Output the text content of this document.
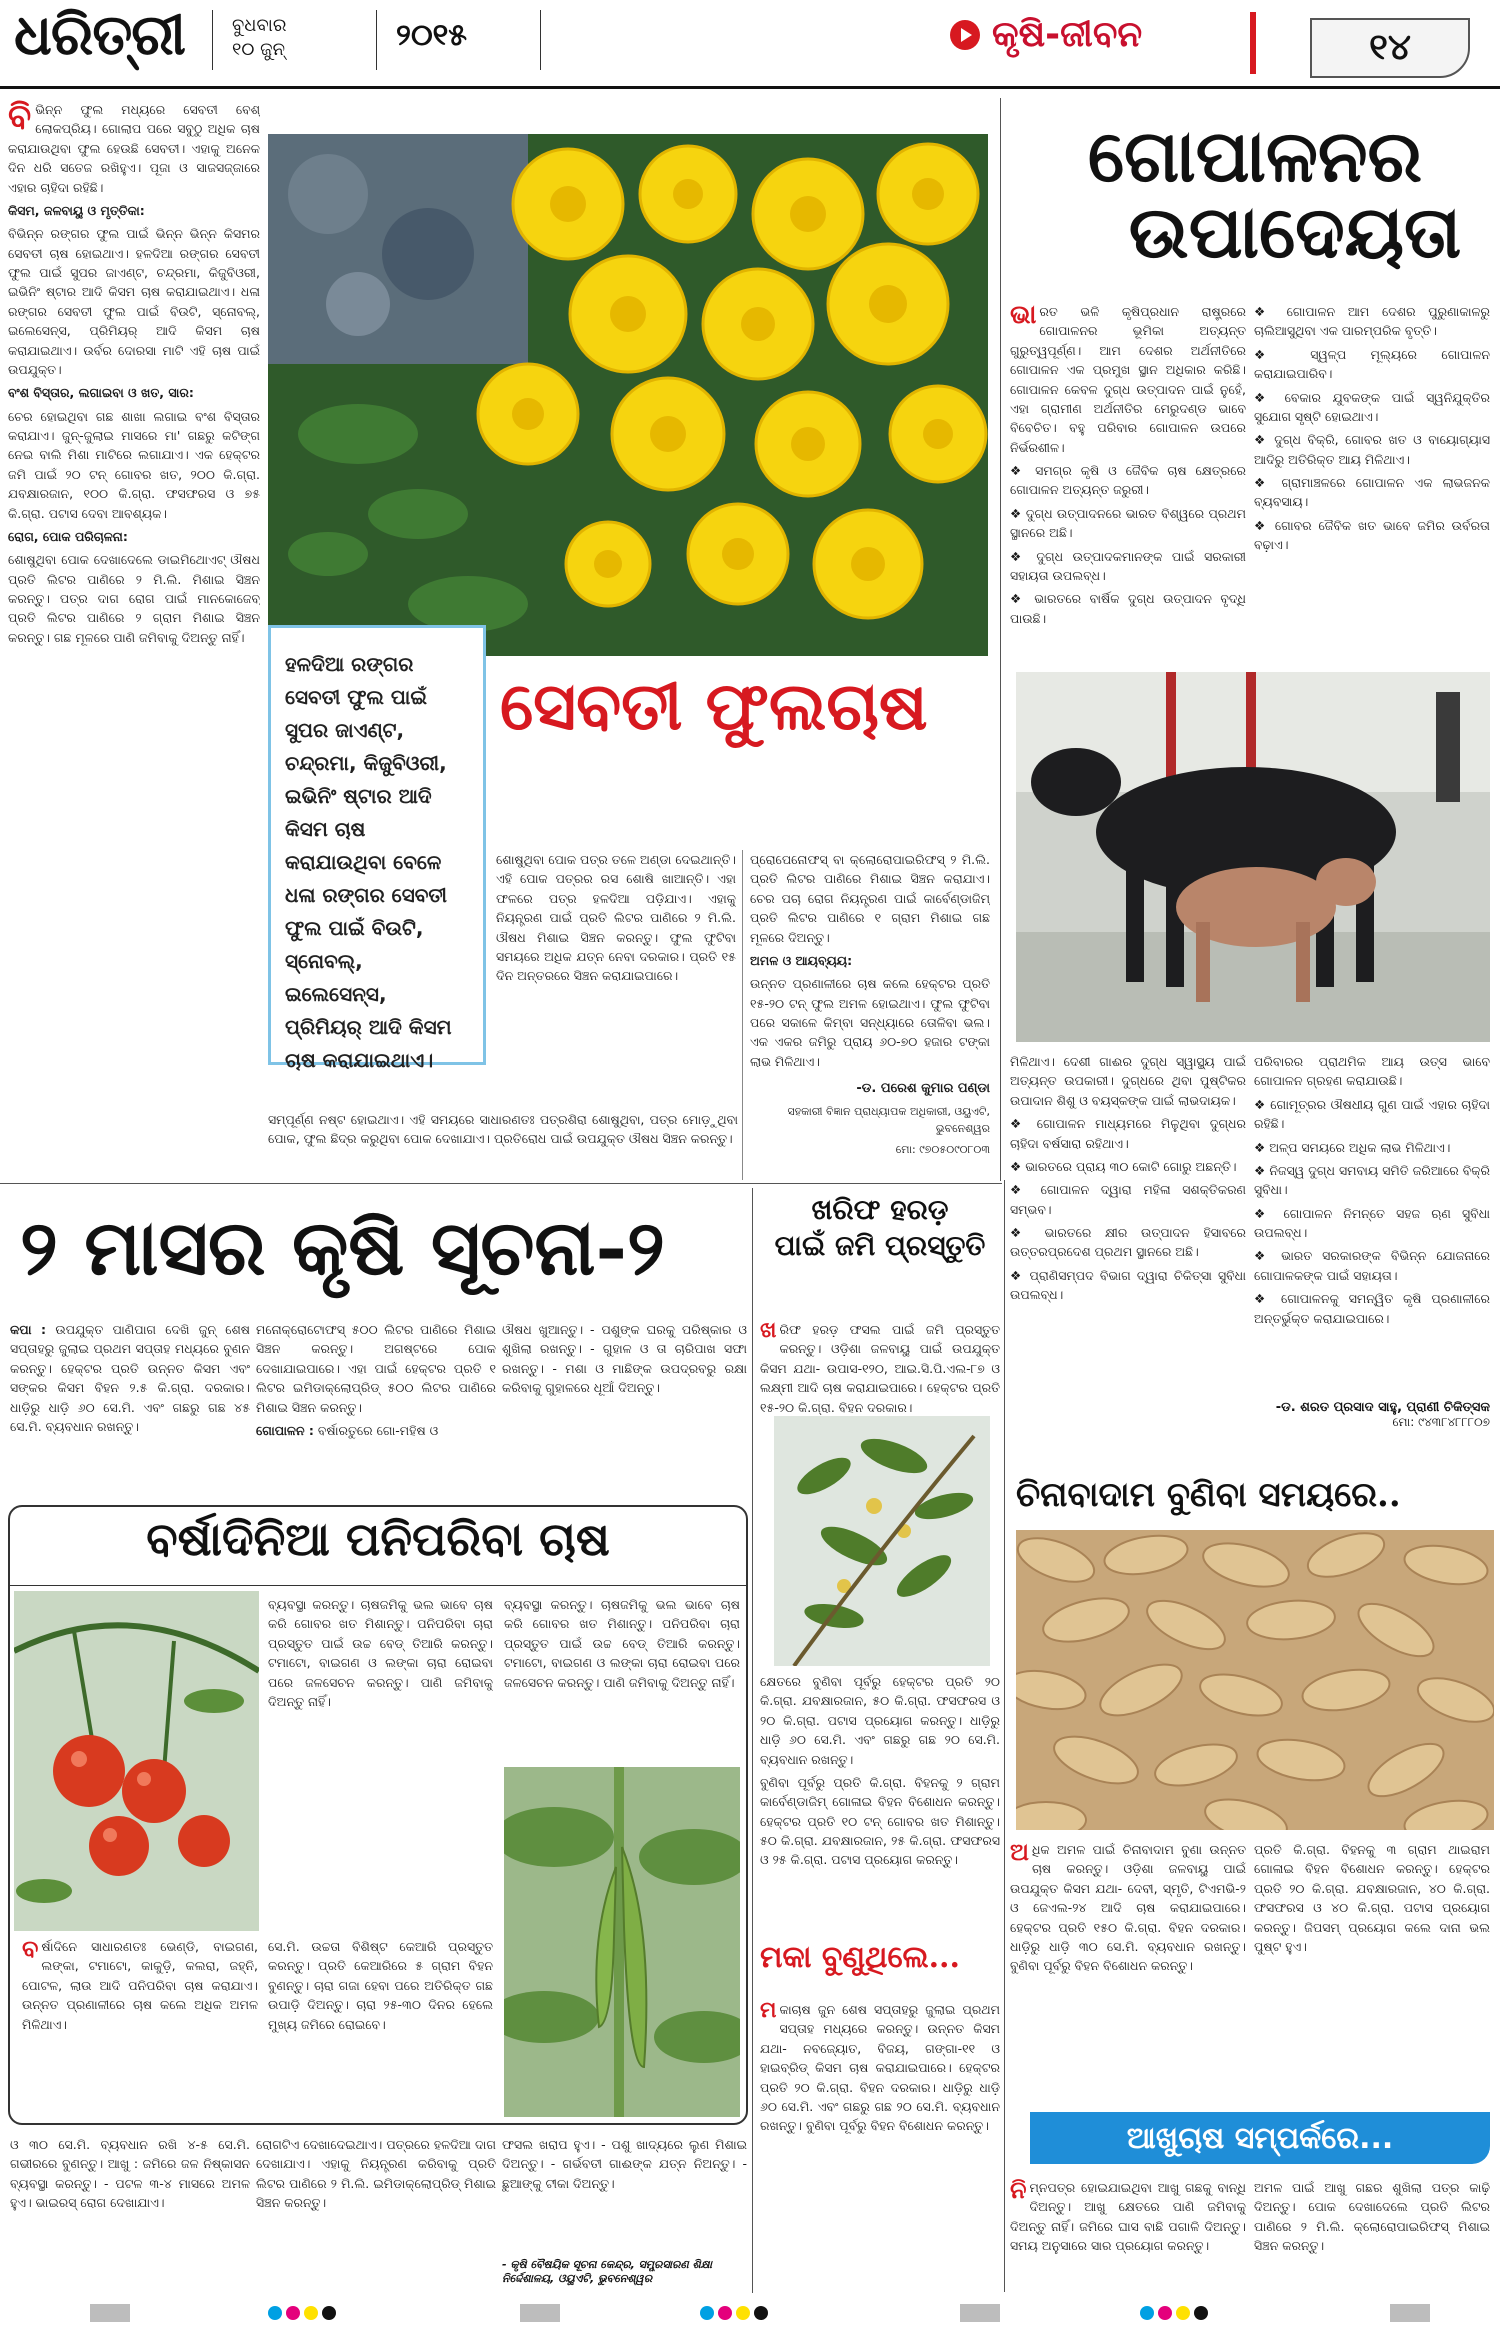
ଧରିତ୍ରୀ	ବୁଧବାର
୧୦ ଜୁନ୍	୨୦୧୫	କୃଷି-ଜୀବନ	୧୪

ବିଭିନ୍ନ ଫୁଲ ମଧ୍ୟରେ ସେବତୀ ବେଶ୍ ଲୋକପ୍ରିୟ। ଗୋଲାପ ପରେ ସବୁଠୁ ଅଧିକ ଚାଷ କରାଯାଉଥିବା ଫୁଲ ହେଉଛି ସେବତୀ। ଏହାକୁ ଅନେକ ଦିନ ଧରି ସତେଜ ରଖିହୁଏ। ପୂଜା ଓ ସାଜସଜ୍ଜାରେ ଏହାର ଚାହିଦା ରହିଛି।

କିସମ, ଜଳବାୟୁ ଓ ମୃତ୍ତିକା:

ବିଭିନ୍ନ ରଙ୍ଗର ଫୁଲ ପାଇଁ ଭିନ୍ନ ଭିନ୍ନ କିସମର ସେବତୀ ଚାଷ ହୋଇଥାଏ। ହଳଦିଆ ରଙ୍ଗର ସେବତୀ ଫୁଲ ପାଇଁ ସୁପର ଜାଏଣ୍ଟ, ଚନ୍ଦ୍ରମା, କିଜୁବିଓରୀ, ଇଭିନିଂ ଷ୍ଟାର ଆଦି କିସମ ଚାଷ କରାଯାଇଥାଏ। ଧଳା ରଙ୍ଗର ସେବତୀ ଫୁଲ ପାଇଁ ବିଉଟି, ସ୍ନୋବଲ୍, ଇଲେସେନ୍ସ, ପ୍ରିମିୟର୍ ଆଦି କିସମ ଚାଷ କରାଯାଇଥାଏ। ଉର୍ବର ଦୋରସା ମାଟି ଏହି ଚାଷ ପାଇଁ ଉପଯୁକ୍ତ।

ବଂଶ ବିସ୍ତାର, ଲଗାଇବା ଓ ଖତ, ସାର:

ଚେର ହୋଇଥିବା ଗଛ ଶାଖା ଲଗାଇ ବଂଶ ବିସ୍ତାର କରାଯାଏ। ଜୁନ୍-ଜୁଲାଇ ମାସରେ ମା' ଗଛରୁ କଟିଙ୍ଗ ନେଇ ବାଲି ମିଶା ମାଟିରେ ଲଗାଯାଏ। ଏକ ହେକ୍ଟର ଜମି ପାଇଁ ୨୦ ଟନ୍ ଗୋବର ଖତ, ୨୦୦ କି.ଗ୍ରା. ଯବକ୍ଷାରଜାନ, ୧୦୦ କି.ଗ୍ରା. ଫସଫରସ ଓ ୭୫ କି.ଗ୍ରା. ପଟାସ ଦେବା ଆବଶ୍ୟକ।

ରୋଗ, ପୋକ ପରିଚାଳନା:

ଶୋଷୁଥିବା ପୋକ ଦେଖାଦେଲେ ଡାଇମିଥୋଏଟ୍ ଔଷଧ ପ୍ରତି ଲିଟର ପାଣିରେ ୨ ମି.ଲି. ମିଶାଇ ସିଞ୍ଚନ କରନ୍ତୁ। ପତ୍ର ଦାଗ ରୋଗ ପାଇଁ ମାନକୋଜେବ୍ ପ୍ରତି ଲିଟର ପାଣିରେ ୨ ଗ୍ରାମ ମିଶାଇ ସିଞ୍ଚନ କରନ୍ତୁ। ଗଛ ମୂଳରେ ପାଣି ଜମିବାକୁ ଦିଅନ୍ତୁ ନାହିଁ।

ହଳଦିଆ ରଙ୍ଗର ସେବତୀ ଫୁଲ ପାଇଁ ସୁପର ଜାଏଣ୍ଟ, ଚନ୍ଦ୍ରମା, କିଜୁବିଓରୀ, ଇଭିନିଂ ଷ୍ଟାର ଆଦି କିସମ ଚାଷ କରାଯାଉଥିବା ବେଳେ ଧଳା ରଙ୍ଗର ସେବତୀ ଫୁଲ ପାଇଁ ବିଉଟି, ସ୍ନୋବଲ୍, ଇଲେସେନ୍ସ, ପ୍ରିମିୟର୍ ଆଦି କିସମ ଚାଷ କରାଯାଇଥାଏ।
ସେବତୀ ଫୁଲଚାଷ

ଶୋଷୁଥିବା ପୋକ ପତ୍ର ତଳେ ଅଣ୍ଡା ଦେଇଥାନ୍ତି। ଏହି ପୋକ ପତ୍ରର ରସ ଶୋଷି ଖାଆନ୍ତି। ଏହା ଫଳରେ ପତ୍ର ହଳଦିଆ ପଡ଼ିଯାଏ। ଏହାକୁ ନିୟନ୍ତ୍ରଣ ପାଇଁ ପ୍ରତି ଲିଟର ପାଣିରେ ୨ ମି.ଲି. ଔଷଧ ମିଶାଇ ସିଞ୍ଚନ କରନ୍ତୁ। ଫୁଲ ଫୁଟିବା ସମୟରେ ଅଧିକ ଯତ୍ନ ନେବା ଦରକାର। ପ୍ରତି ୧୫ ଦିନ ଅନ୍ତରରେ ସିଞ୍ଚନ କରାଯାଇପାରେ।

ପ୍ରୋପେନୋଫସ୍ ବା କ୍ଲୋରୋପାଇରିଫସ୍ ୨ ମି.ଲି. ପ୍ରତି ଲିଟର ପାଣିରେ ମିଶାଇ ସିଞ୍ଚନ କରାଯାଏ। ଚେର ପଚା ରୋଗ ନିୟନ୍ତ୍ରଣ ପାଇଁ କାର୍ବେଣ୍ଡାଜିମ୍ ପ୍ରତି ଲିଟର ପାଣିରେ ୧ ଗ୍ରାମ ମିଶାଇ ଗଛ ମୂଳରେ ଦିଅନ୍ତୁ।

ଅମଳ ଓ ଆୟବ୍ୟୟ:

ଉନ୍ନତ ପ୍ରଣାଳୀରେ ଚାଷ କଲେ ହେକ୍ଟର ପ୍ରତି ୧୫-୨୦ ଟନ୍ ଫୁଲ ଅମଳ ହୋଇଥାଏ। ଫୁଲ ଫୁଟିବା ପରେ ସକାଳେ କିମ୍ବା ସନ୍ଧ୍ୟାରେ ତୋଳିବା ଭଲ। ଏକ ଏକର ଜମିରୁ ପ୍ରାୟ ୬୦-୭୦ ହଜାର ଟଙ୍କା ଲାଭ ମିଳିଥାଏ।

-ଡ. ପରେଶ କୁମାର ପଣ୍ଡା

ସହକାରୀ ବିଜ୍ଞାନ ପ୍ରାଧ୍ୟାପକ ଅଧିକାରୀ, ଓୟୁଏଟି, ଭୁବନେଶ୍ୱର

ମୋ: ୯୭୦୫୦୯୦୮୦୩

ସମ୍ପୂର୍ଣ୍ଣ ନଷ୍ଟ ହୋଇଥାଏ। ଏହି ସମୟରେ ସାଧାରଣତଃ ପତ୍ରଶିରା ଶୋଷୁଥିବା, ପତ୍ର ମୋଡ଼ୁଥିବା ପୋକ, ଫୁଲ ଛିଦ୍ର କରୁଥିବା ପୋକ ଦେଖାଯାଏ। ପ୍ରତିରୋଧ ପାଇଁ ଉପଯୁକ୍ତ ଔଷଧ ସିଞ୍ଚନ କରନ୍ତୁ।
ଗୋପାଳନର
ଉପାଦେୟତା

ଭାରତ ଭଳି କୃଷିପ୍ରଧାନ ରାଷ୍ଟ୍ରରେ ଗୋପାଳନର ଭୂମିକା ଅତ୍ୟନ୍ତ ଗୁରୁତ୍ୱପୂର୍ଣ୍ଣ। ଆମ ଦେଶର ଅର୍ଥନୀତିରେ ଗୋପାଳନ ଏକ ପ୍ରମୁଖ ସ୍ଥାନ ଅଧିକାର କରିଛି। ଗୋପାଳନ କେବଳ ଦୁଗ୍ଧ ଉତ୍ପାଦନ ପାଇଁ ନୁହେଁ, ଏହା ଗ୍ରାମୀଣ ଅର୍ଥନୀତିର ମେରୁଦଣ୍ଡ ଭାବେ ବିବେଚିତ। ବହୁ ପରିବାର ଗୋପାଳନ ଉପରେ ନିର୍ଭରଶୀଳ।

❖ ସମଗ୍ର କୃଷି ଓ ଜୈବିକ ଚାଷ କ୍ଷେତ୍ରରେ ଗୋପାଳନ ଅତ୍ୟନ୍ତ ଜରୁରୀ।

❖ ଦୁଗ୍ଧ ଉତ୍ପାଦନରେ ଭାରତ ବିଶ୍ୱରେ ପ୍ରଥମ ସ୍ଥାନରେ ଅଛି।

❖ ଦୁଗ୍ଧ ଉତ୍ପାଦକମାନଙ୍କ ପାଇଁ ସରକାରୀ ସହାୟତା ଉପଲବ୍ଧ।

❖ ଭାରତରେ ବାର୍ଷିକ ଦୁଗ୍ଧ ଉତ୍ପାଦନ ବୃଦ୍ଧି ପାଉଛି।

❖ ଗୋପାଳନ ଆମ ଦେଶର ପୁରୁଣାକାଳରୁ ଚାଲିଆସୁଥିବା ଏକ ପାରମ୍ପରିକ ବୃତ୍ତି।

❖ ସ୍ୱଳ୍ପ ମୂଲ୍ୟରେ ଗୋପାଳନ କରାଯାଇପାରିବ।

❖ ବେକାର ଯୁବକଙ୍କ ପାଇଁ ସ୍ୱନିଯୁକ୍ତିର ସୁଯୋଗ ସୃଷ୍ଟି ହୋଇଥାଏ।

❖ ଦୁଗ୍ଧ ବିକ୍ରି, ଗୋବର ଖତ ଓ ବାୟୋଗ୍ୟାସ ଆଦିରୁ ଅତିରିକ୍ତ ଆୟ ମିଳିଥାଏ।

❖ ଗ୍ରାମାଞ୍ଚଳରେ ଗୋପାଳନ ଏକ ଲାଭଜନକ ବ୍ୟବସାୟ।

❖ ଗୋବର ଜୈବିକ ଖତ ଭାବେ ଜମିର ଉର୍ବରତା ବଢ଼ାଏ।

ମିଳିଥାଏ। ଦେଶୀ ଗାଈର ଦୁଗ୍ଧ ସ୍ୱାସ୍ଥ୍ୟ ପାଇଁ ଅତ୍ୟନ୍ତ ଉପକାରୀ। ଦୁଗ୍ଧରେ ଥିବା ପୁଷ୍ଟିକର ଉପାଦାନ ଶିଶୁ ଓ ବୟସ୍କଙ୍କ ପାଇଁ ଲାଭଦାୟକ।

❖ ଗୋପାଳନ ମାଧ୍ୟମରେ ମିଳୁଥିବା ଦୁଗ୍ଧର ଚାହିଦା ବର୍ଷସାରା ରହିଥାଏ।

❖ ଭାରତରେ ପ୍ରାୟ ୩୦ କୋଟି ଗୋରୁ ଅଛନ୍ତି।

❖ ଗୋପାଳନ ଦ୍ୱାରା ମହିଳା ସଶକ୍ତିକରଣ ସମ୍ଭବ।

❖ ଭାରତରେ କ୍ଷୀର ଉତ୍ପାଦନ ହିସାବରେ ଉତ୍ତରପ୍ରଦେଶ ପ୍ରଥମ ସ୍ଥାନରେ ଅଛି।

❖ ପ୍ରାଣିସମ୍ପଦ ବିଭାଗ ଦ୍ୱାରା ଚିକିତ୍ସା ସୁବିଧା ଉପଲବ୍ଧ।

ପରିବାରର ପ୍ରାଥମିକ ଆୟ ଉତ୍ସ ଭାବେ ଗୋପାଳନ ଗ୍ରହଣ କରାଯାଉଛି।

❖ ଗୋମୂତ୍ରର ଔଷଧୀୟ ଗୁଣ ପାଇଁ ଏହାର ଚାହିଦା ରହିଛି।

❖ ଅଳ୍ପ ସମୟରେ ଅଧିକ ଲାଭ ମିଳିଥାଏ।

❖ ନିଜସ୍ୱ ଦୁଗ୍ଧ ସମବାୟ ସମିତି ଜରିଆରେ ବିକ୍ରି ସୁବିଧା।

❖ ଗୋପାଳନ ନିମନ୍ତେ ସହଜ ଋଣ ସୁବିଧା ଉପଲବ୍ଧ।

❖ ଭାରତ ସରକାରଙ୍କ ବିଭିନ୍ନ ଯୋଜନାରେ ଗୋପାଳକଙ୍କ ପାଇଁ ସହାୟତା।

❖ ଗୋପାଳନକୁ ସମନ୍ୱିତ କୃଷି ପ୍ରଣାଳୀରେ ଅନ୍ତର୍ଭୁକ୍ତ କରାଯାଇପାରେ।

-ଡ. ଶରତ ପ୍ରସାଦ ସାହୁ, ପ୍ରାଣୀ ଚିକିତ୍ସକ
ମୋ: ୯୪୩୮୪୮୮୮୦୭
୨ ମାସର କୃଷି ସୂଚନା-୨	ଖରିଫ ହରଡ଼
ପାଇଁ ଜମି ପ୍ରସ୍ତୁତି

କପା : ଉପଯୁକ୍ତ ପାଣିପାଗ ଦେଖି ଜୁନ୍ ଶେଷ ସପ୍ତାହରୁ ଜୁଲାଇ ପ୍ରଥମ ସପ୍ତାହ ମଧ୍ୟରେ ବୁଣନ କରନ୍ତୁ। ହେକ୍ଟର ପ୍ରତି ଉନ୍ନତ କିସମ ଏବଂ ସଙ୍କର କିସମ ବିହନ ୨.୫ କି.ଗ୍ରା. ଦରକାର। ଧାଡ଼ିରୁ ଧାଡ଼ି ୬୦ ସେ.ମି. ଏବଂ ଗଛରୁ ଗଛ ୪୫ ସେ.ମି. ବ୍ୟବଧାନ ରଖନ୍ତୁ।

ମନୋକ୍ରୋଟୋଫସ୍ ୫୦୦ ଲିଟର ପାଣିରେ ମିଶାଇ ସିଞ୍ଚନ କରନ୍ତୁ। ଅଗଷ୍ଟରେ ପୋକ ଦେଖାଯାଇପାରେ। ଏହା ପାଇଁ ହେକ୍ଟର ପ୍ରତି ୧ ଲିଟର ଇମିଡାକ୍ଲୋପ୍ରିଡ୍ ୫୦୦ ଲିଟର ପାଣିରେ ମିଶାଇ ସିଞ୍ଚନ କରନ୍ତୁ।

ଗୋପାଳନ : ବର୍ଷାରତୁରେ ଗୋ-ମହିଷ ଓ

ଔଷଧ ଖୁଆନ୍ତୁ। - ପଶୁଙ୍କ ଘରକୁ ପରିଷ୍କାର ଓ ଶୁଖିଲା ରଖନ୍ତୁ। - ଗୁହାଳ ଓ ତା ଚାରିପାଖ ସଫା ରଖନ୍ତୁ। - ମଶା ଓ ମାଛିଙ୍କ ଉପଦ୍ରବରୁ ରକ୍ଷା କରିବାକୁ ଗୁହାଳରେ ଧୂଆଁ ଦିଅନ୍ତୁ।

ଖରିଫ ହରଡ଼ ଫସଲ ପାଇଁ ଜମି ପ୍ରସ୍ତୁତ କରନ୍ତୁ। ଓଡ଼ିଶା ଜଳବାୟୁ ପାଇଁ ଉପଯୁକ୍ତ କିସମ ଯଥା- ଉପାସ-୧୨୦, ଆଇ.ସି.ପି.ଏଲ-୮୭ ଓ ଲକ୍ଷ୍ମୀ ଆଦି ଚାଷ କରାଯାଇପାରେ। ହେକ୍ଟର ପ୍ରତି ୧୫-୨୦ କି.ଗ୍ରା. ବିହନ ଦରକାର।

କ୍ଷେତରେ ବୁଣିବା ପୂର୍ବରୁ ହେକ୍ଟର ପ୍ରତି ୨୦ କି.ଗ୍ରା. ଯବକ୍ଷାରଜାନ, ୫୦ କି.ଗ୍ରା. ଫସଫରସ ଓ ୨୦ କି.ଗ୍ରା. ପଟାସ ପ୍ରୟୋଗ କରନ୍ତୁ। ଧାଡ଼ିରୁ ଧାଡ଼ି ୬୦ ସେ.ମି. ଏବଂ ଗଛରୁ ଗଛ ୨୦ ସେ.ମି. ବ୍ୟବଧାନ ରଖନ୍ତୁ।

ବୁଣିବା ପୂର୍ବରୁ ପ୍ରତି କି.ଗ୍ରା. ବିହନକୁ ୨ ଗ୍ରାମ କାର୍ବେଣ୍ଡାଜିମ୍ ଗୋଳାଇ ବିହନ ବିଶୋଧନ କରନ୍ତୁ। ହେକ୍ଟର ପ୍ରତି ୧୦ ଟନ୍ ଗୋବର ଖତ ମିଶାନ୍ତୁ। ୫୦ କି.ଗ୍ରା. ଯବକ୍ଷାରଜାନ, ୨୫ କି.ଗ୍ରା. ଫସଫରସ ଓ ୨୫ କି.ଗ୍ରା. ପଟାସ ପ୍ରୟୋଗ କରନ୍ତୁ।

ବର୍ଷାଦିନିଆ ପନିପରିବା ଚାଷ

ବ୍ୟବସ୍ଥା କରନ୍ତୁ। ଚାଷଜମିକୁ ଭଲ ଭାବେ ଚାଷ କରି ଗୋବର ଖତ ମିଶାନ୍ତୁ। ପନିପରିବା ଚାରା ପ୍ରସ୍ତୁତ ପାଇଁ ଉଚ୍ଚ ବେଡ୍ ତିଆରି କରନ୍ତୁ। ଟମାଟୋ, ବାଇଗଣ ଓ ଲଙ୍କା ଚାରା ରୋଇବା ପରେ ଜଳସେଚନ କରନ୍ତୁ। ପାଣି ଜମିବାକୁ ଦିଅନ୍ତୁ ନାହିଁ।

ବ୍ୟବସ୍ଥା କରନ୍ତୁ। ଚାଷଜମିକୁ ଭଲ ଭାବେ ଚାଷ କରି ଗୋବର ଖତ ମିଶାନ୍ତୁ। ପନିପରିବା ଚାରା ପ୍ରସ୍ତୁତ ପାଇଁ ଉଚ୍ଚ ବେଡ୍ ତିଆରି କରନ୍ତୁ। ଟମାଟୋ, ବାଇଗଣ ଓ ଲଙ୍କା ଚାରା ରୋଇବା ପରେ ଜଳସେଚନ କରନ୍ତୁ। ପାଣି ଜମିବାକୁ ଦିଅନ୍ତୁ ନାହିଁ।

ବର୍ଷାଦିନେ ସାଧାରଣତଃ ଭେଣ୍ଡି, ବାଇଗଣ, ଲଙ୍କା, ଟମାଟୋ, କାକୁଡ଼ି, କଲରା, ଜହ୍ନି, ପୋଟଳ, ଲାଉ ଆଦି ପନିପରିବା ଚାଷ କରାଯାଏ। ଉନ୍ନତ ପ୍ରଣାଳୀରେ ଚାଷ କଲେ ଅଧିକ ଅମଳ ମିଳିଥାଏ।

ସେ.ମି. ଉଚ୍ଚତା ବିଶିଷ୍ଟ କେଆରି ପ୍ରସ୍ତୁତ କରନ୍ତୁ। ପ୍ରତି କେଆରିରେ ୫ ଗ୍ରାମ ବିହନ ବୁଣନ୍ତୁ। ଚାରା ଗଜା ହେବା ପରେ ଅତିରିକ୍ତ ଗଛ ଉପାଡ଼ି ଦିଅନ୍ତୁ। ଚାରା ୨୫-୩୦ ଦିନର ହେଲେ ମୁଖ୍ୟ ଜମିରେ ରୋଇବେ।

ଓ ୩୦ ସେ.ମି. ବ୍ୟବଧାନ ରଖି ୪-୫ ସେ.ମି. ଗଭୀରରେ ବୁଣନ୍ତୁ। ଆଖୁ : ଜମିରେ ଜଳ ନିଷ୍କାସନ ବ୍ୟବସ୍ଥା କରନ୍ତୁ। - ପଟଳ ୩-୪ ମାସରେ ଅମଳ ହୁଏ। ଭାଇରସ୍ ରୋଗ ଦେଖାଯାଏ।
ରୋଗଟିଏ ଦେଖାଦେଇଥାଏ। ପତ୍ରରେ ହଳଦିଆ ଦାଗ ଦେଖାଯାଏ। ଏହାକୁ ନିୟନ୍ତ୍ରଣ କରିବାକୁ ପ୍ରତି ଲିଟର ପାଣିରେ ୨ ମି.ଲି. ଇମିଡାକ୍ଲୋପ୍ରିଡ୍ ମିଶାଇ ସିଞ୍ଚନ କରନ୍ତୁ।
ଫସଲ ଖରାପ ହୁଏ। - ପଶୁ ଖାଦ୍ୟରେ ଲୁଣ ମିଶାଇ ଦିଅନ୍ତୁ। - ଗର୍ଭବତୀ ଗାଈଙ୍କ ଯତ୍ନ ନିଅନ୍ତୁ। - ଛୁଆଙ୍କୁ ଟୀକା ଦିଅନ୍ତୁ।
- କୃଷି ବୈଷୟିକ ସୂଚନା କେନ୍ଦ୍ର, ସମ୍ପ୍ରସାରଣ ଶିକ୍ଷା ନିର୍ଦ୍ଦେଶାଳୟ, ଓୟୁଏଟି, ଭୁବନେଶ୍ୱର
ମକା ବୁଣୁଥିଲେ...

ମକାଚାଷ ଜୁନ ଶେଷ ସପ୍ତାହରୁ ଜୁଲାଇ ପ୍ରଥମ ସପ୍ତାହ ମଧ୍ୟରେ କରନ୍ତୁ। ଉନ୍ନତ କିସମ ଯଥା- ନବଜ୍ୟୋତ, ବିଜୟ, ଗଙ୍ଗା-୧୧ ଓ ହାଇବ୍ରିଡ୍ କିସମ ଚାଷ କରାଯାଇପାରେ। ହେକ୍ଟର ପ୍ରତି ୨୦ କି.ଗ୍ରା. ବିହନ ଦରକାର। ଧାଡ଼ିରୁ ଧାଡ଼ି ୬୦ ସେ.ମି. ଏବଂ ଗଛରୁ ଗଛ ୨୦ ସେ.ମି. ବ୍ୟବଧାନ ରଖନ୍ତୁ। ବୁଣିବା ପୂର୍ବରୁ ବିହନ ବିଶୋଧନ କରନ୍ତୁ।

ଚିନାବାଦାମ ବୁଣିବା ସମୟରେ..

ଅଧିକ ଅମଳ ପାଇଁ ଚିନାବାଦାମ ବୁଣା ଉନ୍ନତ ଚାଷ କରନ୍ତୁ। ଓଡ଼ିଶା ଜଳବାୟୁ ପାଇଁ ଉପଯୁକ୍ତ କିସମ ଯଥା- ଦେବୀ, ସ୍ମୃତି, ଟିଏମଭି-୨ ଓ ଜେଏଲ-୨୪ ଆଦି ଚାଷ କରାଯାଇପାରେ। ହେକ୍ଟର ପ୍ରତି ୧୫୦ କି.ଗ୍ରା. ବିହନ ଦରକାର। ଧାଡ଼ିରୁ ଧାଡ଼ି ୩୦ ସେ.ମି. ବ୍ୟବଧାନ ରଖନ୍ତୁ। ବୁଣିବା ପୂର୍ବରୁ ବିହନ ବିଶୋଧନ କରନ୍ତୁ।

ପ୍ରତି କି.ଗ୍ରା. ବିହନକୁ ୩ ଗ୍ରାମ ଥାଇରାମ ଗୋଳାଇ ବିହନ ବିଶୋଧନ କରନ୍ତୁ। ହେକ୍ଟର ପ୍ରତି ୨୦ କି.ଗ୍ରା. ଯବକ୍ଷାରଜାନ, ୪୦ କି.ଗ୍ରା. ଫସଫରସ ଓ ୪୦ କି.ଗ୍ରା. ପଟାସ ପ୍ରୟୋଗ କରନ୍ତୁ। ଜିପସମ୍ ପ୍ରୟୋଗ କଲେ ଦାନା ଭଲ ପୁଷ୍ଟ ହୁଏ।

ଆଖୁଚାଷ ସମ୍ପର୍କରେ...

ନିମ୍ନପତ୍ର ହୋଇଯାଇଥିବା ଆଖୁ ଗଛକୁ ବାନ୍ଧି ଦିଅନ୍ତୁ। ଆଖୁ କ୍ଷେତରେ ପାଣି ଜମିବାକୁ ଦିଅନ୍ତୁ ନାହିଁ। ଜମିରେ ଘାସ ବାଛି ପଗାଳି ଦିଅନ୍ତୁ। ସମୟ ଅନୁସାରେ ସାର ପ୍ରୟୋଗ କରନ୍ତୁ।

ଅମଳ ପାଇଁ ଆଖୁ ଗଛର ଶୁଖିଲା ପତ୍ର କାଢ଼ି ଦିଅନ୍ତୁ। ପୋକ ଦେଖାଦେଲେ ପ୍ରତି ଲିଟର ପାଣିରେ ୨ ମି.ଲି. କ୍ଲୋରୋପାଇରିଫସ୍ ମିଶାଇ ସିଞ୍ଚନ କରନ୍ତୁ।
